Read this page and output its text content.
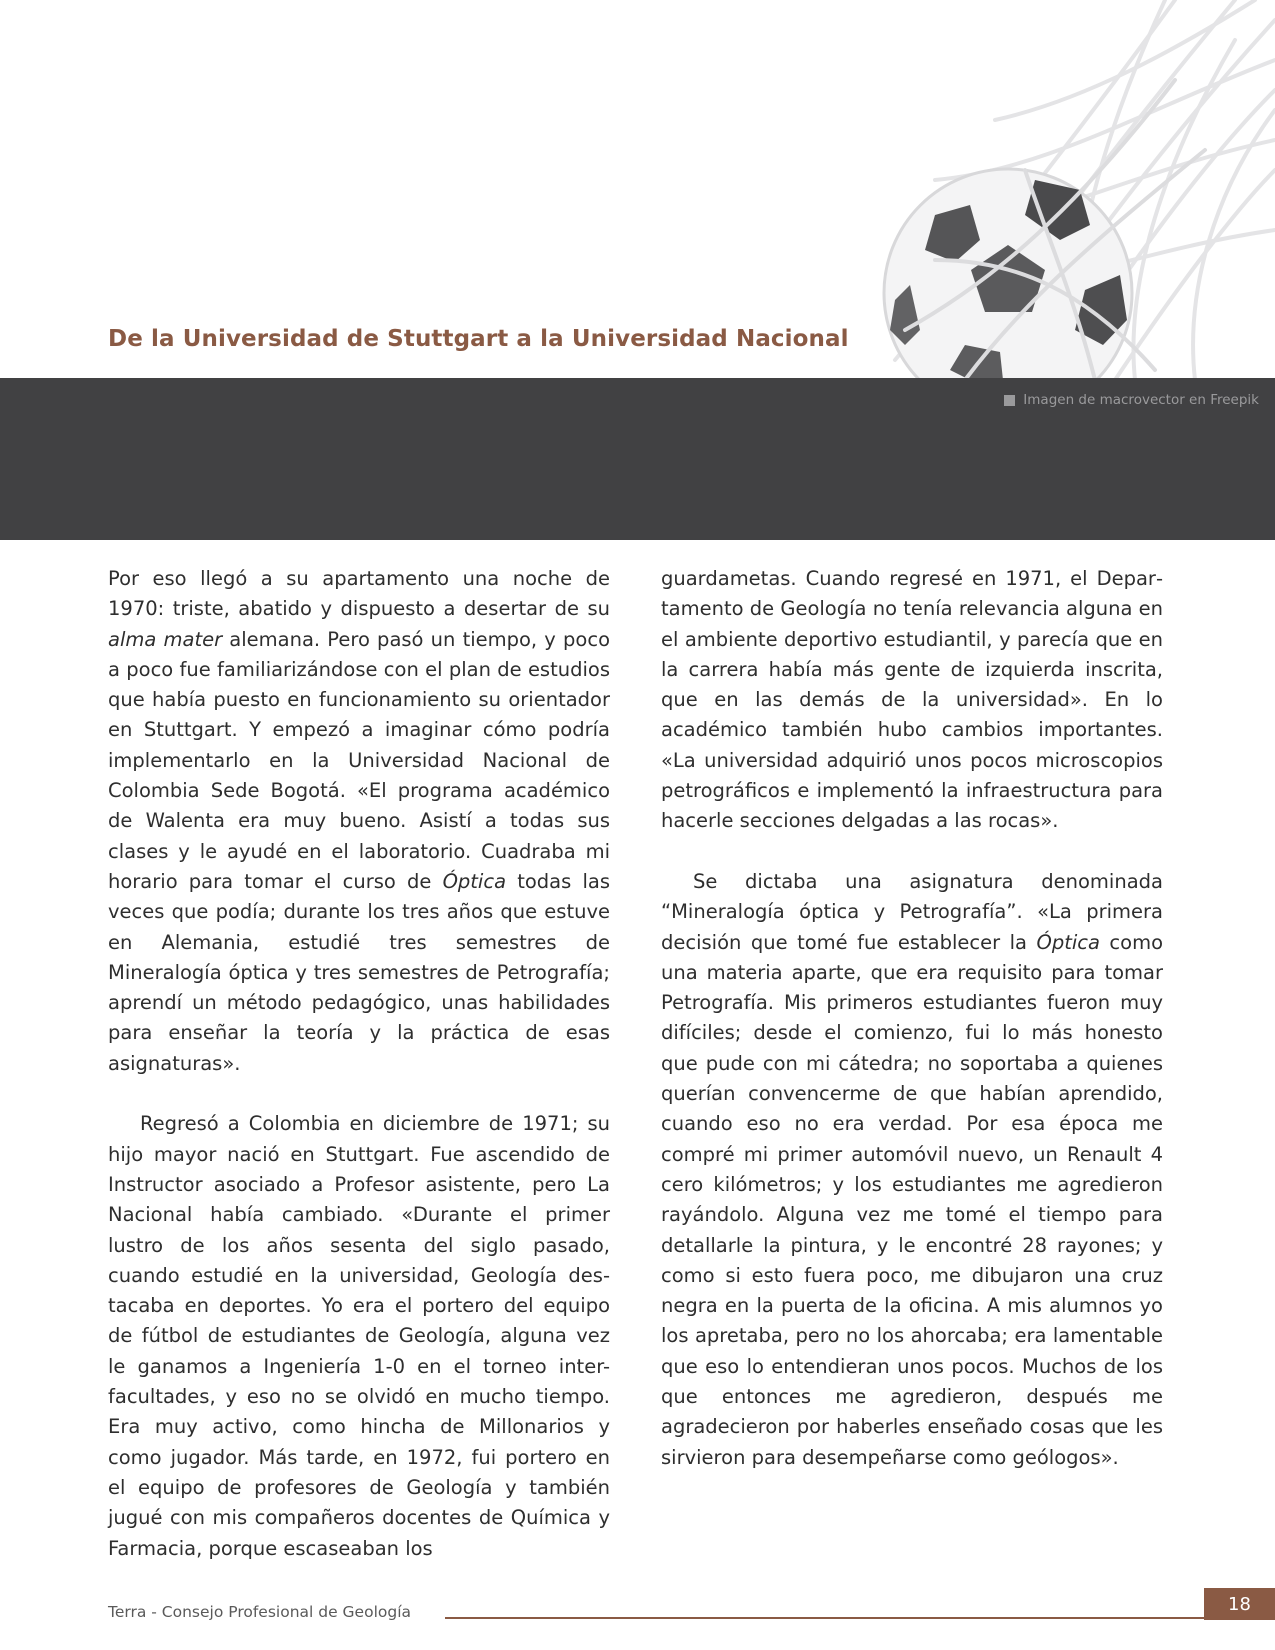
De la Universidad de Stuttgart a la Universidad Nacional
Imagen de macrovector en Freepik

Por eso llegó a su apartamento una noche de 1970: triste, abatido y dispuesto a desertar de su alma mater alemana. Pero pasó un tiempo, y poco a poco fue familiarizándose con el plan de estudios que había puesto en funcionamiento su orientador en Stuttgart. Y empezó a imaginar cómo podría implementarlo en la Universidad Nacional de Colombia Sede Bogotá. «El programa académico de Walenta era muy bueno. Asistí a todas sus clases y le ayudé en el laboratorio. Cuadraba mi horario para tomar el curso de Óptica todas las veces que podía; durante los tres años que estuve en Alemania, estudié tres semestres de Mineralogía óptica y tres semestres de Petrografía; aprendí un método pedagógico, unas habilidades para enseñar la teoría y la práctica de esas asignaturas».

Regresó a Colombia en diciembre de 1971; su hijo mayor nació en Stuttgart. Fue ascendido de Instructor asociado a Profesor asistente, pero La Nacional había cambiado. «Durante el primer lustro de los años sesenta del siglo pasado, cuando estudié en la universidad, Geología destacaba en deportes. Yo era el portero del equipo de fútbol de estudiantes de Geología, alguna vez le ganamos a Ingeniería 1-0 en el torneo inter-facultades, y eso no se olvidó en mucho tiempo. Era muy activo, como hincha de Millonarios y como jugador. Más tarde, en 1972, fui portero en el equipo de profesores de Geología y también jugué con mis compañeros docentes de Química y Farmacia, porque escaseaban los

guardametas. Cuando regresé en 1971, el Departamento de Geología no tenía relevancia alguna en el ambiente deportivo estudiantil, y parecía que en la carrera había más gente de izquierda inscrita, que en las demás de la universidad». En lo académico también hubo cambios importantes. «La universidad adquirió unos pocos microscopios petrográficos e implementó la infraestructura para hacerle secciones delgadas a las rocas».

Se dictaba una asignatura denominada “Mineralogía óptica y Petrografía”. «La primera decisión que tomé fue establecer la Óptica como una materia aparte, que era requisito para tomar Petrografía. Mis primeros estudiantes fueron muy difíciles; desde el comienzo, fui lo más honesto que pude con mi cátedra; no soportaba a quienes querían convencerme de que habían aprendido, cuando eso no era verdad. Por esa época me compré mi primer automóvil nuevo, un Renault 4 cero kilómetros; y los estudiantes me agredieron rayándolo. Alguna vez me tomé el tiempo para detallarle la pintura, y le encontré 28 rayones; y como si esto fuera poco, me dibujaron una cruz negra en la puerta de la oficina. A mis alumnos yo los apretaba, pero no los ahorcaba; era lamentable que eso lo entendieran unos pocos. Muchos de los que entonces me agredieron, después me agradecieron por haberles enseñado cosas que les sirvieron para desempeñarse como geólogos».

Terra - Consejo Profesional de Geología	18
